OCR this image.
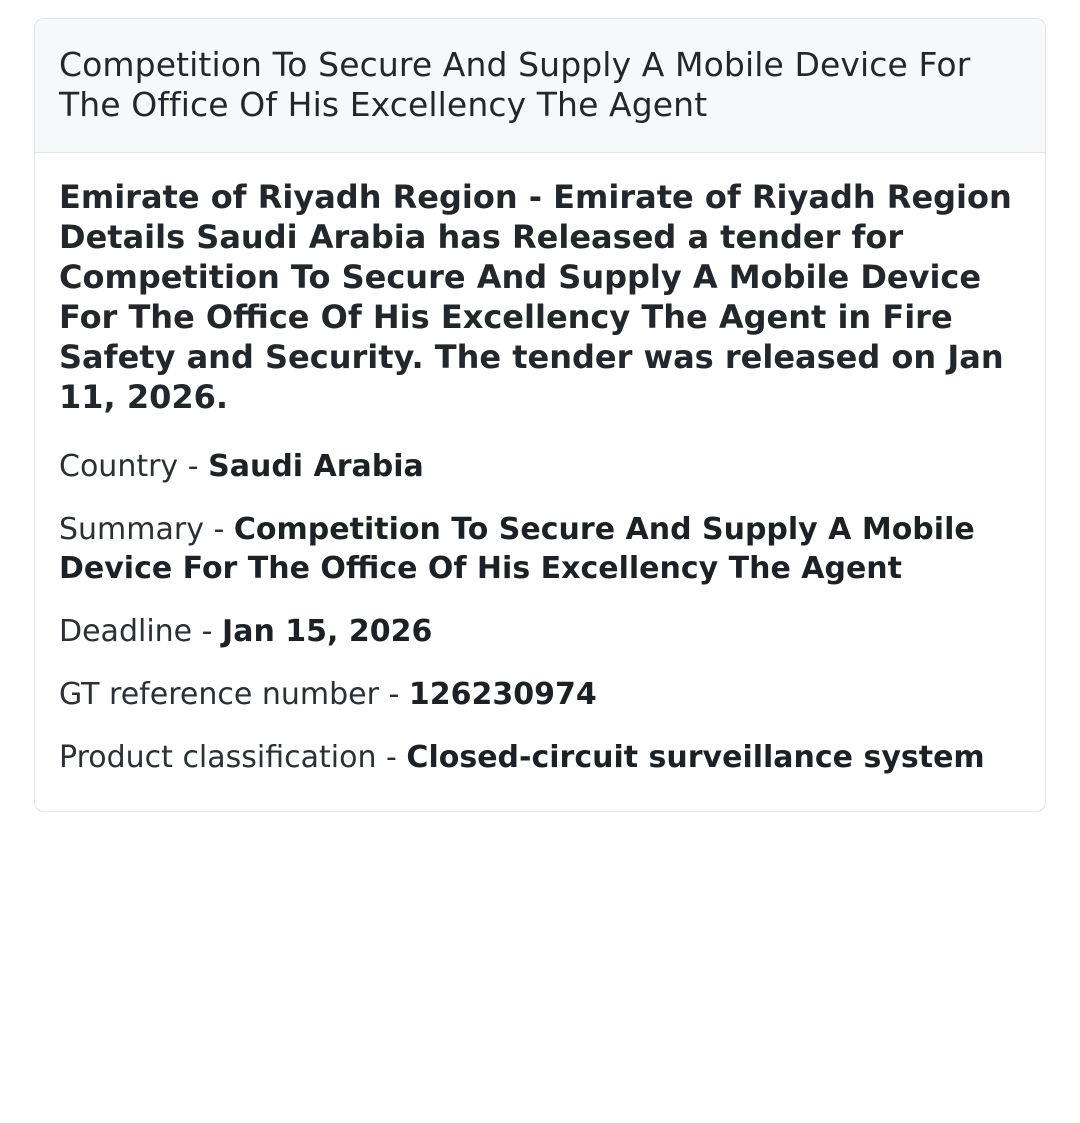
Competition To Secure And Supply A Mobile Device For The Office Of His Excellency The Agent

Emirate of Riyadh Region - Emirate of Riyadh Region Details Saudi Arabia has Released a tender for Competition To Secure And Supply A Mobile Device For The Office Of His Excellency The Agent in Fire Safety and Security. The tender was released on Jan 11, 2026.

Country - Saudi Arabia

Summary - Competition To Secure And Supply A Mobile Device For The Office Of His Excellency The Agent

Deadline - Jan 15, 2026

GT reference number - 126230974

Product classification - Closed-circuit surveillance system
